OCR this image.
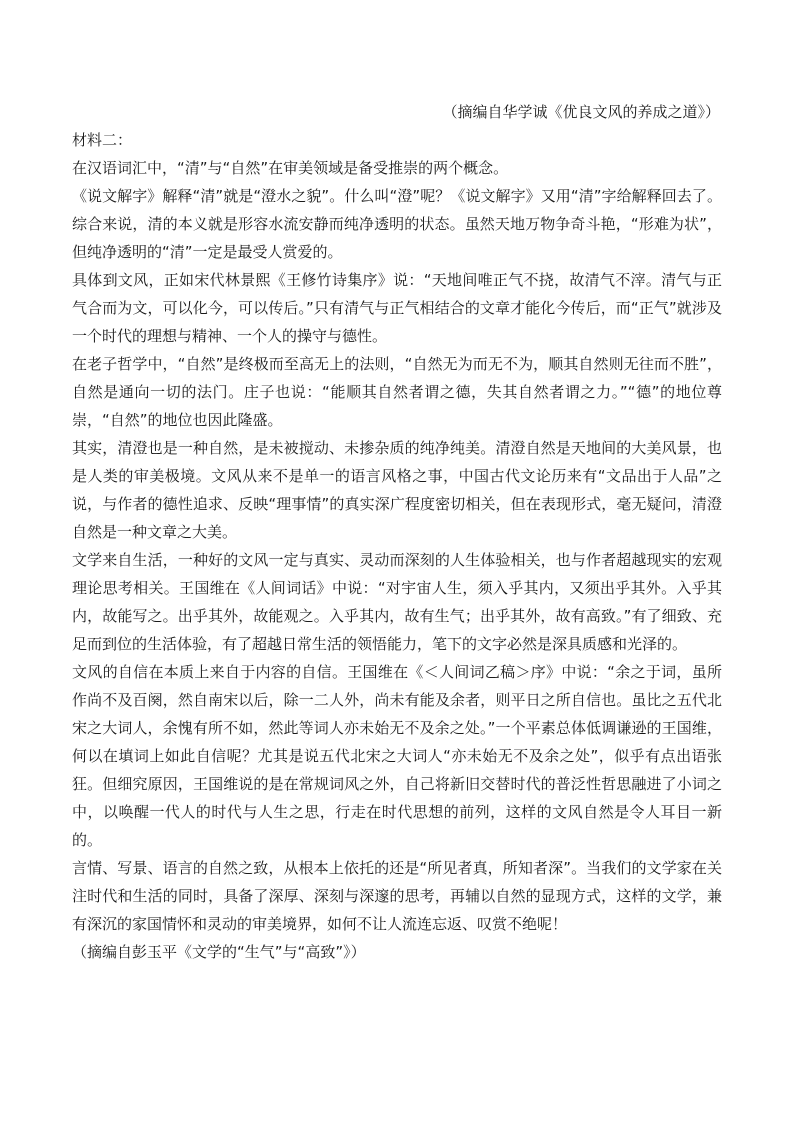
（摘编自华学诚《优良文风的养成之道》）
材料二：

在汉语词汇中，“清”与“自然”在审美领域是备受推崇的两个概念。

《说文解字》解释“清”就是“澄水之貌”。什么叫“澄”呢？《说文解字》又用“清”字给解释回去了。综合来说，清的本义就是形容水流安静而纯净透明的状态。虽然天地万物争奇斗艳，“形难为状”，但纯净透明的“清”一定是最受人赏爱的。

具体到文风，正如宋代林景熙《王修竹诗集序》说：“天地间唯正气不挠，故清气不滓。清气与正气合而为文，可以化今，可以传后。”只有清气与正气相结合的文章才能化今传后，而“正气”就涉及一个时代的理想与精神、一个人的操守与德性。

在老子哲学中，“自然”是终极而至高无上的法则，“自然无为而无不为，顺其自然则无往而不胜”，自然是通向一切的法门。庄子也说：“能顺其自然者谓之德，失其自然者谓之力。”“德”的地位尊崇，“自然”的地位也因此隆盛。

其实，清澄也是一种自然，是未被搅动、未掺杂质的纯净纯美。清澄自然是天地间的大美风景，也是人类的审美极境。文风从来不是单一的语言风格之事，中国古代文论历来有“文品出于人品”之说，与作者的德性追求、反映“理事情”的真实深广程度密切相关，但在表现形式，毫无疑问，清澄自然是一种文章之大美。

文学来自生活，一种好的文风一定与真实、灵动而深刻的人生体验相关，也与作者超越现实的宏观理论思考相关。王国维在《人间词话》中说：“对宇宙人生，须入乎其内，又须出乎其外。入乎其内，故能写之。出乎其外，故能观之。入乎其内，故有生气；出乎其外，故有高致。”有了细致、充足而到位的生活体验，有了超越日常生活的领悟能力，笔下的文字必然是深具质感和光泽的。

文风的自信在本质上来自于内容的自信。王国维在《＜人间词乙稿＞序》中说：“余之于词，虽所作尚不及百阕，然自南宋以后，除一二人外，尚未有能及余者，则平日之所自信也。虽比之五代北宋之大词人，余愧有所不如，然此等词人亦未始无不及余之处。”一个平素总体低调谦逊的王国维，何以在填词上如此自信呢？尤其是说五代北宋之大词人“亦未始无不及余之处”，似乎有点出语张狂。但细究原因，王国维说的是在常规词风之外，自己将新旧交替时代的普泛性哲思融进了小词之中，以唤醒一代人的时代与人生之思，行走在时代思想的前列，这样的文风自然是令人耳目一新的。

言情、写景、语言的自然之致，从根本上依托的还是“所见者真，所知者深”。当我们的文学家在关注时代和生活的同时，具备了深厚、深刻与深邃的思考，再辅以自然的显现方式，这样的文学，兼有深沉的家国情怀和灵动的审美境界，如何不让人流连忘返、叹赏不绝呢！

（摘编自彭玉平《文学的“生气”与“高致”》）
